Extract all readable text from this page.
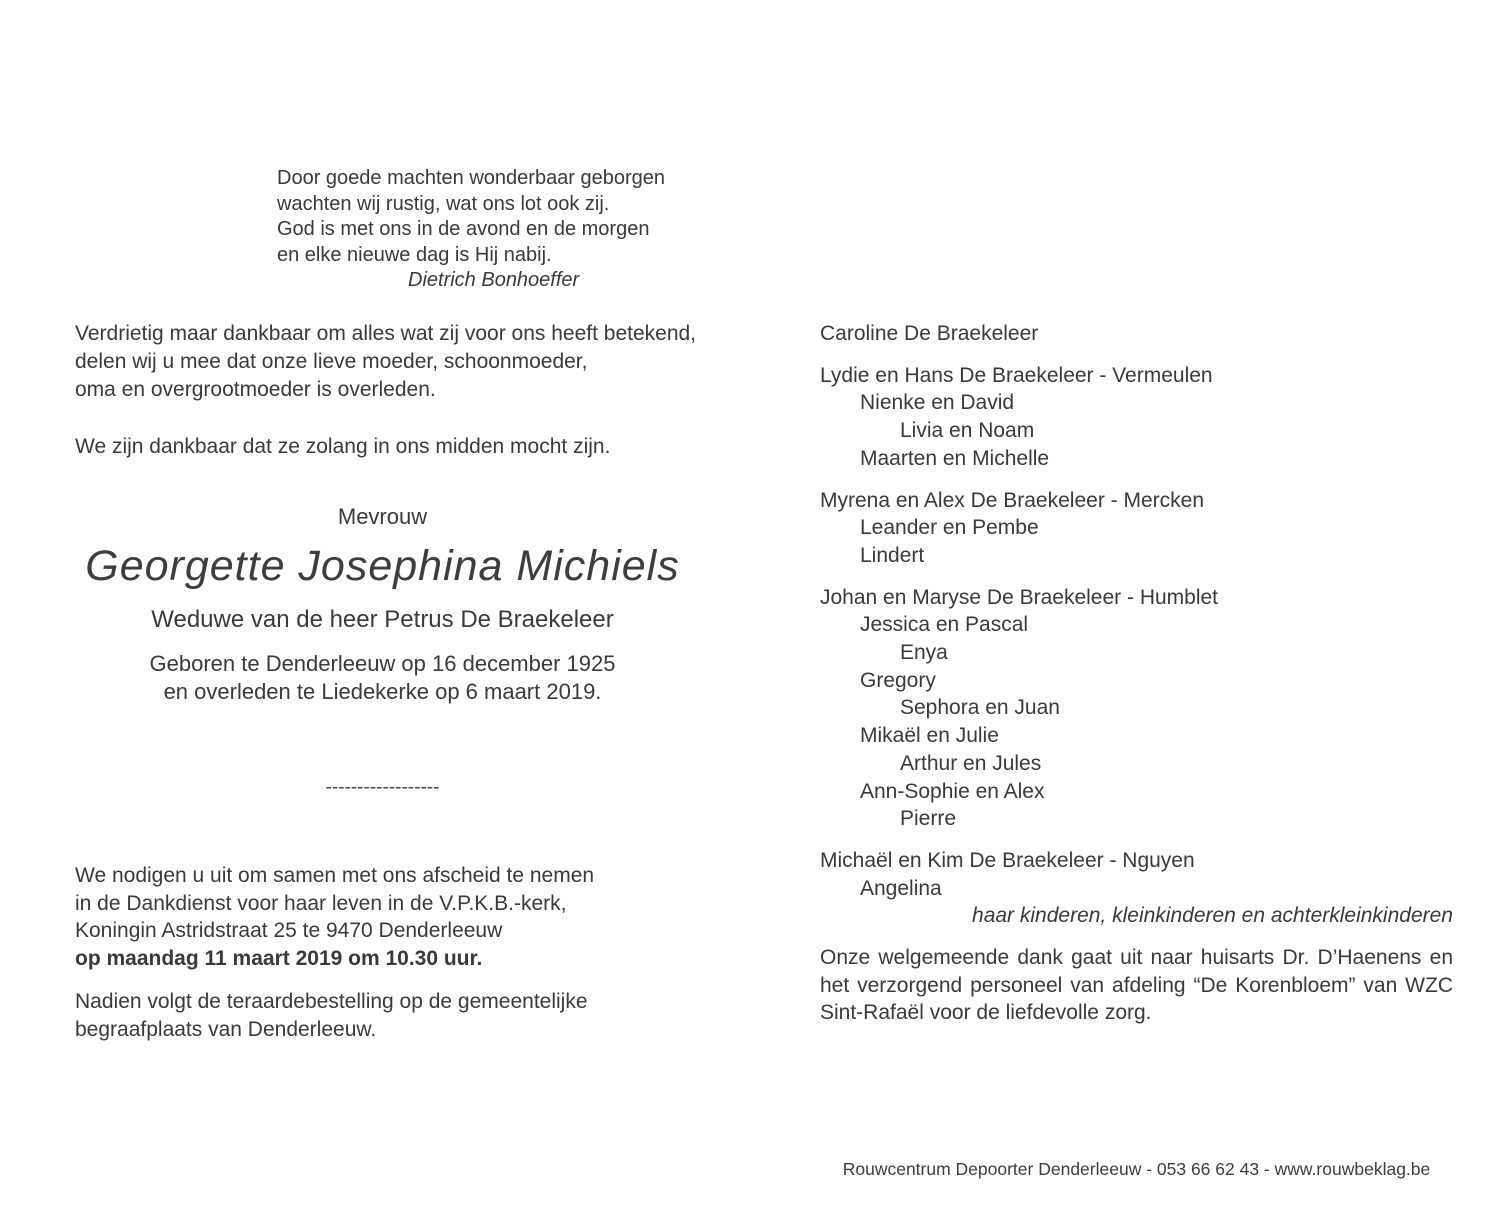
Door goede machten wonderbaar geborgen
wachten wij rustig, wat ons lot ook zij.
God is met ons in de avond en de morgen
en elke nieuwe dag is Hij nabij.
Dietrich Bonhoeffer
Verdrietig maar dankbaar om alles wat zij voor ons heeft betekend,
delen wij u mee dat onze lieve moeder, schoonmoeder,
oma en overgrootmoeder is overleden.
We zijn dankbaar dat ze zolang in ons midden mocht zijn.
Mevrouw
Georgette Josephina Michiels
Weduwe van de heer Petrus De Braekeleer
Geboren te Denderleeuw op 16 december 1925
en overleden te Liedekerke op 6 maart 2019.
------------------
We nodigen u uit om samen met ons afscheid te nemen
in de Dankdienst voor haar leven in de V.P.K.B.-kerk,
Koningin Astridstraat 25 te 9470 Denderleeuw
op maandag 11 maart 2019 om 10.30 uur.
Nadien volgt de teraardebestelling op de gemeentelijke
begraafplaats van Denderleeuw.
Caroline De Braekeleer
Lydie en Hans De Braekeleer - Vermeulen
Nienke en David
Livia en Noam
Maarten en Michelle
Myrena en Alex De Braekeleer - Mercken
Leander en Pembe
Lindert
Johan en Maryse De Braekeleer - Humblet
Jessica en Pascal
Enya
Gregory
Sephora en Juan
Mikaël en Julie
Arthur en Jules
Ann-Sophie en Alex
Pierre
Michaël en Kim De Braekeleer - Nguyen
Angelina
haar kinderen, kleinkinderen en achterkleinkinderen
Onze welgemeende dank gaat uit naar huisarts Dr. D’Haenens en het verzorgend personeel van afdeling “De Korenbloem” van WZC Sint-Rafaël voor de liefdevolle zorg.
Rouwcentrum Depoorter Denderleeuw - 053 66 62 43 - www.rouwbeklag.be
